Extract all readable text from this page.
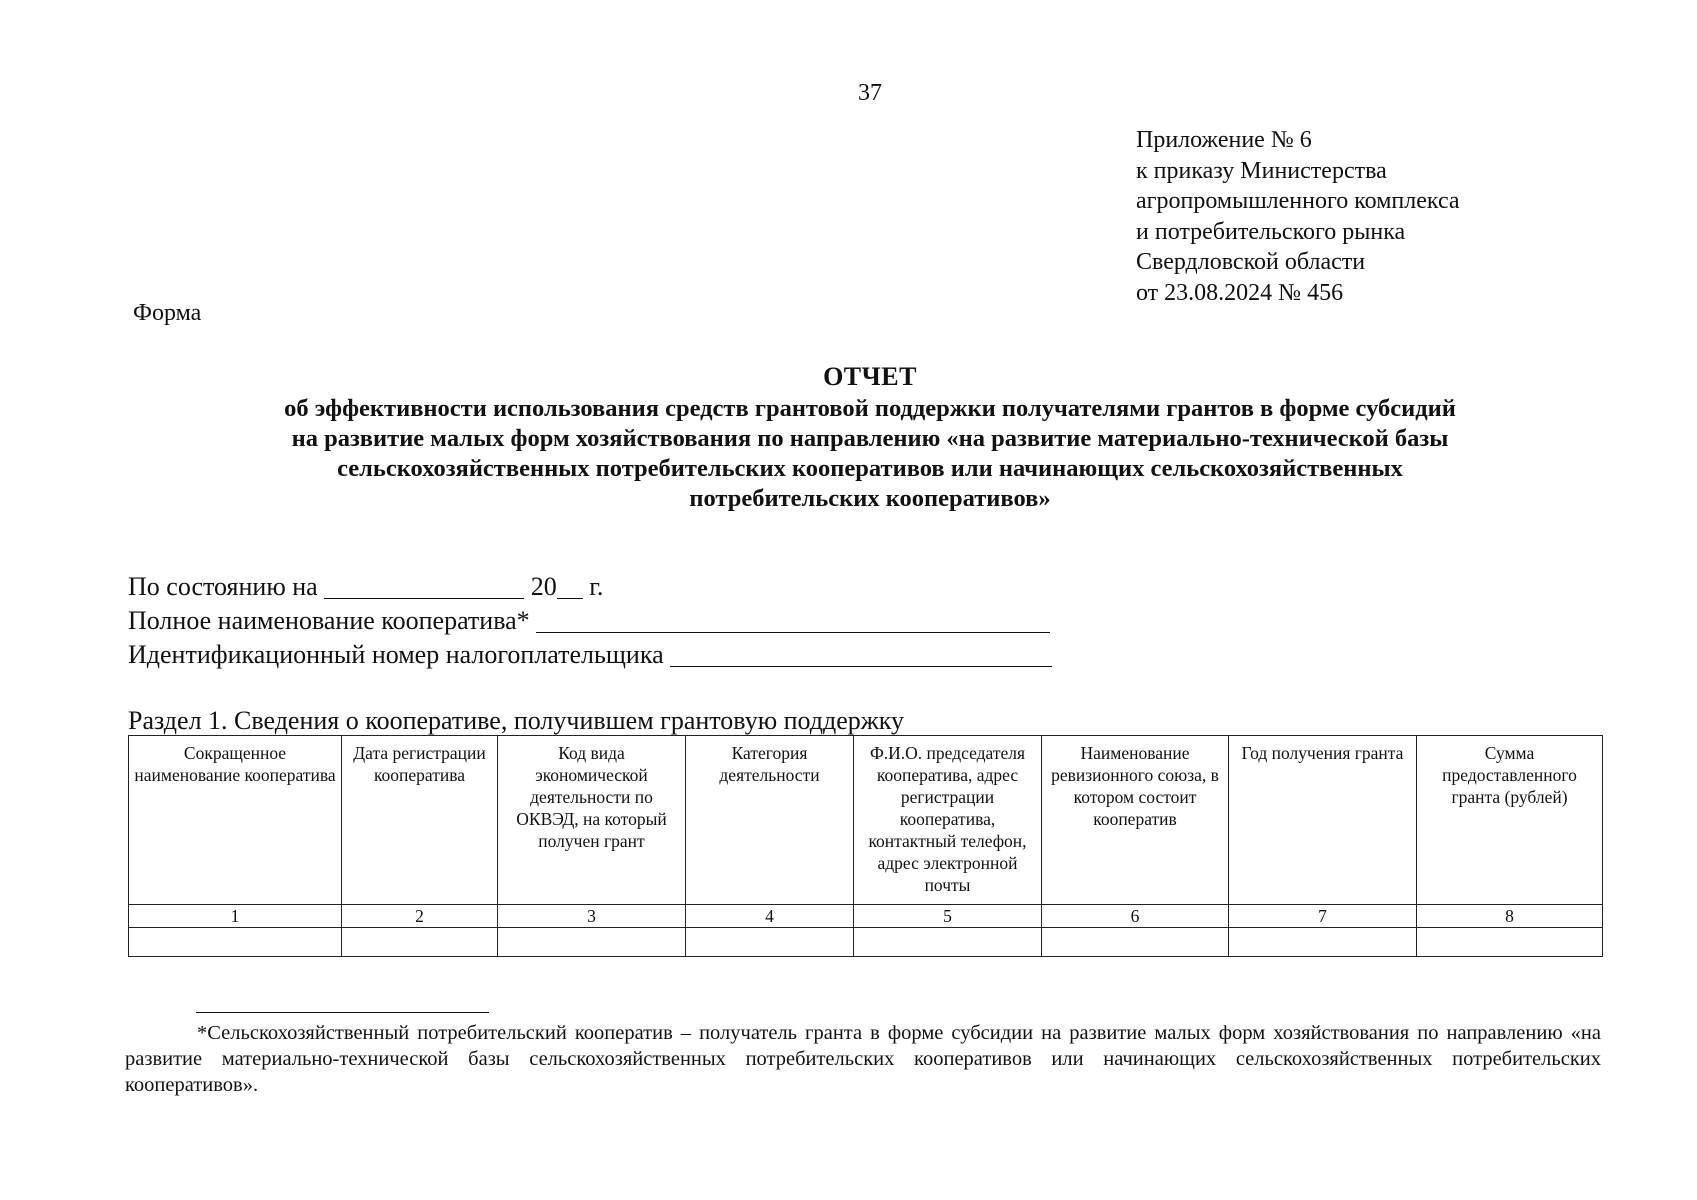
37
Приложение № 6
к приказу Министерства
агропромышленного комплекса
и потребительского рынка
Свердловской области
от 23.08.2024 № 456
Форма
ОТЧЕТ
об эффективности использования средств грантовой поддержки получателями грантов в форме субсидий
на развитие малых форм хозяйствования по направлению «на развитие материально-технической базы
сельскохозяйственных потребительских кооперативов или начинающих сельскохозяйственных
потребительских кооперативов»
По состоянию на	20 г.
Полное наименование кооператива*
Идентификационный номер налогоплательщика
Раздел 1. Сведения о кооперативе, получившем грантовую поддержку
Сокращенное наименование кооператива	Дата регистрации кооператива	Код вида экономической деятельности по ОКВЭД, на который получен грант	Категория деятельности	Ф.И.О. председателя кооператива, адрес регистрации кооператива, контактный телефон, адрес электронной почты	Наименование ревизионного союза, в котором состоит кооператив	Год получения гранта	Сумма предоставленного гранта (рублей)
1	2	3	4	5	6	7	8

*Сельскохозяйственный потребительский кооператив – получатель гранта в форме субсидии на развитие малых форм хозяйствования по направлению «на развитие материально-технической базы сельскохозяйственных потребительских кооперативов или начинающих сельскохозяйственных потребительских кооперативов».
